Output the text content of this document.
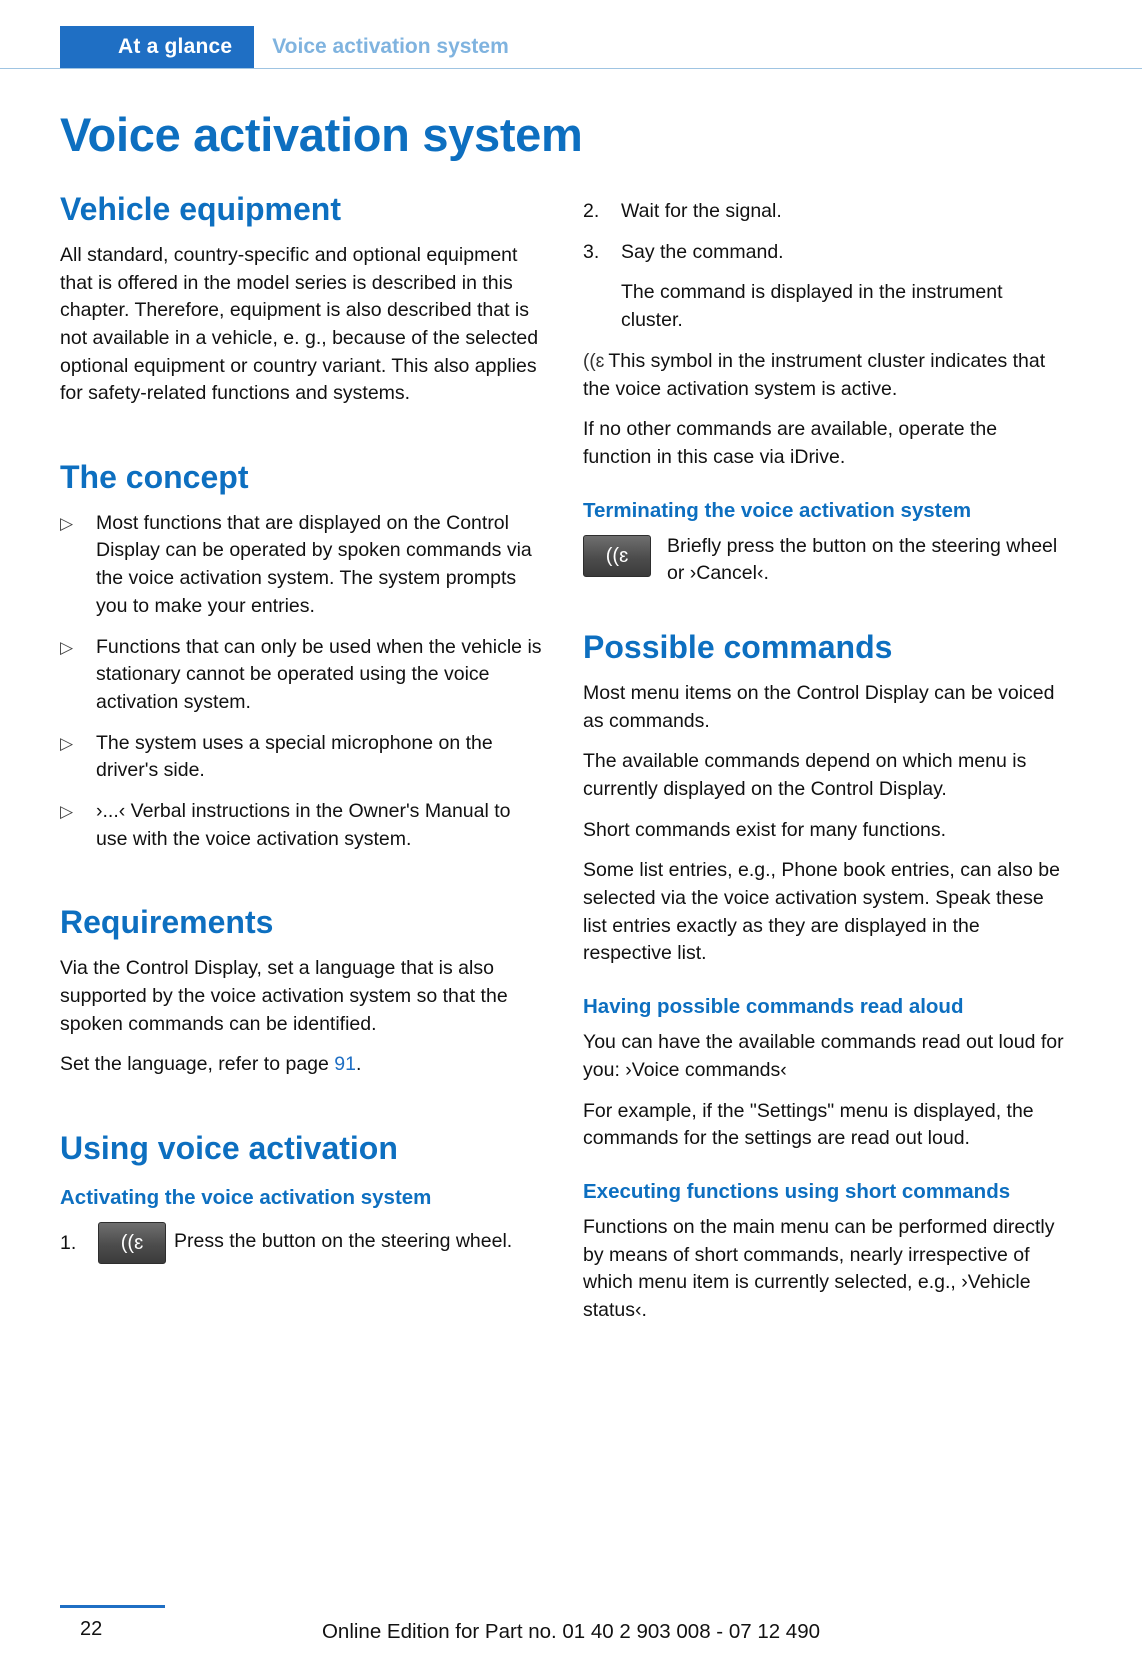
At a glance	Voice activation system
Voice activation system
Vehicle equipment

All standard, country-specific and optional equipment that is offered in the model series is described in this chapter. Therefore, equipment is also described that is not available in a vehicle, e. g., because of the selected optional equipment or country variant. This also applies for safety-related functions and systems.

The concept
▷	Most functions that are displayed on the Control Display can be operated by spoken commands via the voice activation system. The system prompts you to make your entries.
▷	Functions that can only be used when the vehicle is stationary cannot be operated using the voice activation system.
▷	The system uses a special microphone on the driver's side.
▷	›...‹ Verbal instructions in the Owner's Manual to use with the voice activation system.
Requirements

Via the Control Display, set a language that is also supported by the voice activation system so that the spoken commands can be identified.

Set the language, refer to page 91.

Using voice activation
Activating the voice activation system
1.	((ɛ	Press the button on the steering wheel.
2.	Wait for the signal.
3.	Say the command.
The command is displayed in the instrument cluster.

((ɛ This symbol in the instrument cluster indicates that the voice activation system is active.

If no other commands are available, operate the function in this case via iDrive.

Terminating the voice activation system
((ɛ	Briefly press the button on the steering wheel or ›Cancel‹.
Possible commands

Most menu items on the Control Display can be voiced as commands.

The available commands depend on which menu is currently displayed on the Control Display.

Short commands exist for many functions.

Some list entries, e.g., Phone book entries, can also be selected via the voice activation system. Speak these list entries exactly as they are displayed in the respective list.

Having possible commands read aloud

You can have the available commands read out loud for you: ›Voice commands‹

For example, if the "Settings" menu is displayed, the commands for the settings are read out loud.

Executing functions using short commands

Functions on the main menu can be performed directly by means of short commands, nearly irrespective of which menu item is currently selected, e.g., ›Vehicle status‹.

22	Online Edition for Part no. 01 40 2 903 008 - 07 12 490
